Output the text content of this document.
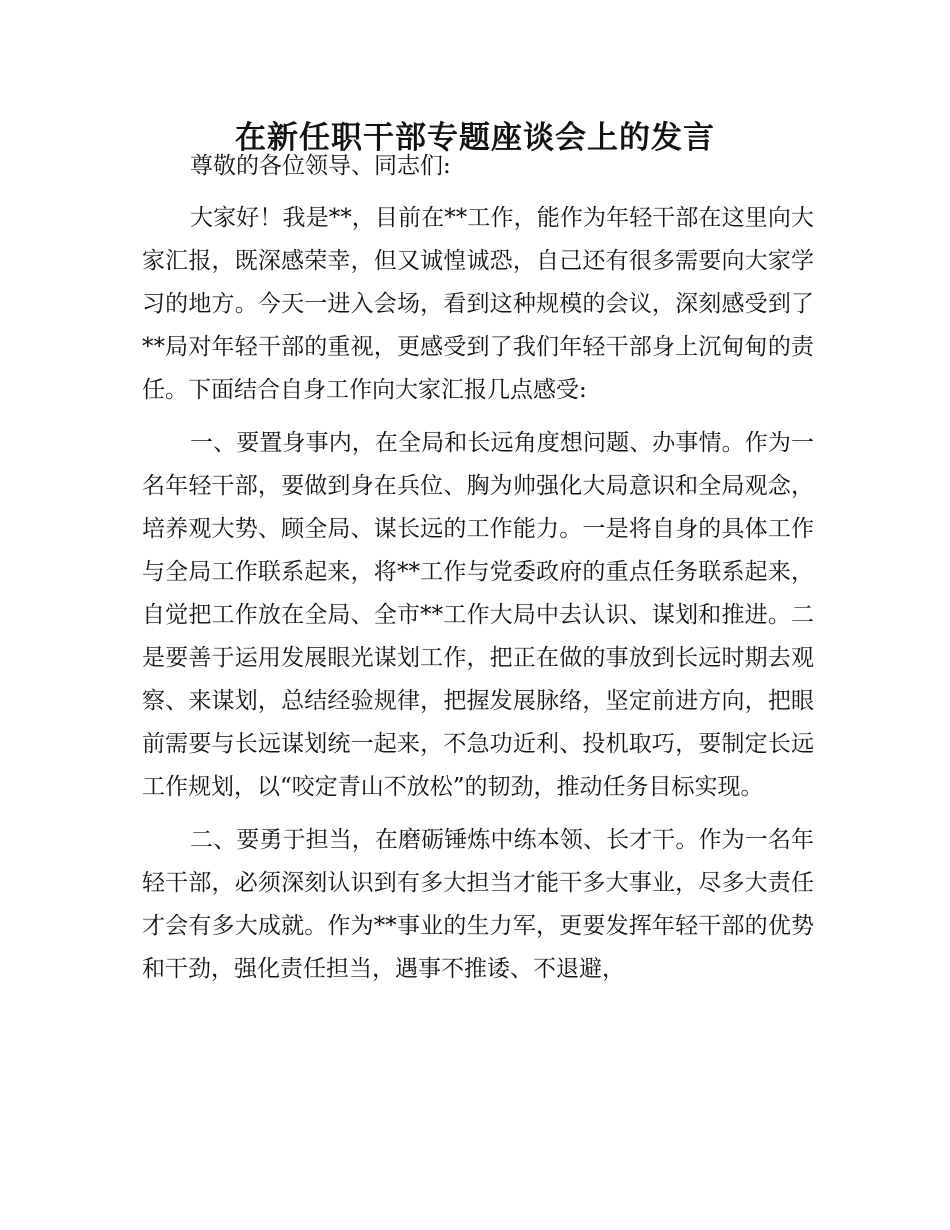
在新任职干部专题座谈会上的发言
尊敬的各位领导、同志们:

大家好！我是**，目前在**工作，能作为年轻干部在这里向大家汇报，既深感荣幸，但又诚惶诚恐，自己还有很多需要向大家学习的地方。今天一进入会场，看到这种规模的会议，深刻感受到了**局对年轻干部的重视，更感受到了我们年轻干部身上沉甸甸的责任。下面结合自身工作向大家汇报几点感受:

一、要置身事内，在全局和长远角度想问题、办事情。作为一名年轻干部，要做到身在兵位、胸为帅强化大局意识和全局观念，培养观大势、顾全局、谋长远的工作能力。一是将自身的具体工作与全局工作联系起来，将**工作与党委政府的重点任务联系起来，自觉把工作放在全局、全市**工作大局中去认识、谋划和推进。二是要善于运用发展眼光谋划工作，把正在做的事放到长远时期去观察、来谋划，总结经验规律，把握发展脉络，坚定前进方向，把眼前需要与长远谋划统一起来，不急功近利、投机取巧，要制定长远工作规划，以“咬定青山不放松”的韧劲，推动任务目标实现。

二、要勇于担当，在磨砺锤炼中练本领、长才干。作为一名年轻干部，必须深刻认识到有多大担当才能干多大事业，尽多大责任才会有多大成就。作为**事业的生力军，更要发挥年轻干部的优势和干劲，强化责任担当，遇事不推诿、不退避，
